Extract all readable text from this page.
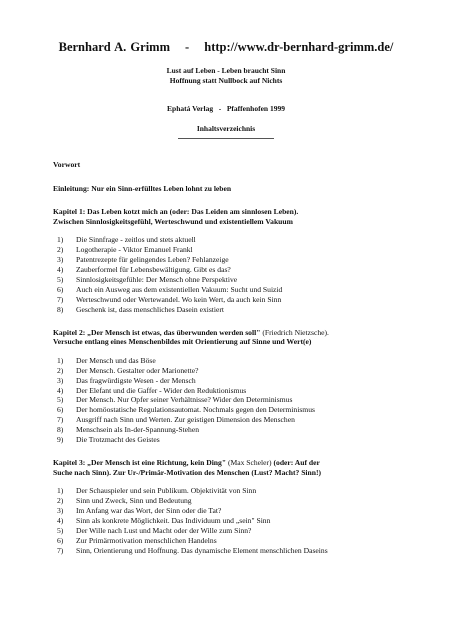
Bernhard A. Grimm - http://www.dr-bernhard-grimm.de/
Lust auf Leben - Leben braucht Sinn
Hoffnung statt Nullbock auf Nichts
Ephatá Verlag - Pfaffenhofen 1999
Inhaltsverzeichnis
Vorwort
Einleitung: Nur ein Sinn-erfülltes Leben lohnt zu leben
Kapitel 1: Das Leben kotzt mich an (oder: Das Leiden am sinnlosen Leben).
Zwischen Sinnlosigkeitsgefühl, Werteschwund und existentiellem Vakuum
1)	Die Sinnfrage - zeitlos und stets aktuell
2)	Logotherapie - Viktor Emanuel Frankl
3)	Patentrezepte für gelingendes Leben? Fehlanzeige
4)	Zauberformel für Lebensbewältigung. Gibt es das?
5)	Sinnlosigkeitsgefühle: Der Mensch ohne Perspektive
6)	Auch ein Ausweg aus dem existentiellen Vakuum: Sucht und Suizid
7)	Werteschwund oder Wertewandel. Wo kein Wert, da auch kein Sinn
8)	Geschenk ist, dass menschliches Dasein existiert
Kapitel 2: „Der Mensch ist etwas, das überwunden werden soll" (Friedrich Nietzsche).
Versuche entlang eines Menschenbildes mit Orientierung auf Sinne und Wert(e)
1)	Der Mensch und das Böse
2)	Der Mensch. Gestalter oder Marionette?
3)	Das fragwürdigste Wesen - der Mensch
4)	Der Elefant und die Gaffer - Wider den Reduktionismus
5)	Der Mensch. Nur Opfer seiner Verhältnisse? Wider den Determinismus
6)	Der homöostatische Regulationsautomat. Nochmals gegen den Determinismus
7)	Ausgriff nach Sinn und Werten. Zur geistigen Dimension des Menschen
8)	Menschsein als In-der-Spannung-Stehen
9)	Die Trotzmacht des Geistes
Kapitel 3: „Der Mensch ist eine Richtung, kein Ding" (Max Scheler) (oder: Auf der
Suche nach Sinn). Zur Ur-/Primär-Motivation des Menschen (Lust? Macht? Sinn!)
1)	Der Schauspieler und sein Publikum. Objektivität von Sinn
2)	Sinn und Zweck, Sinn und Bedeutung
3)	Im Anfang war das Wort, der Sinn oder die Tat?
4)	Sinn als konkrete Möglichkeit. Das Individuum und „sein" Sinn
5)	Der Wille nach Lust und Macht oder der Wille zum Sinn?
6)	Zur Primärmotivation menschlichen Handelns
7)	Sinn, Orientierung und Hoffnung. Das dynamische Element menschlichen Daseins
